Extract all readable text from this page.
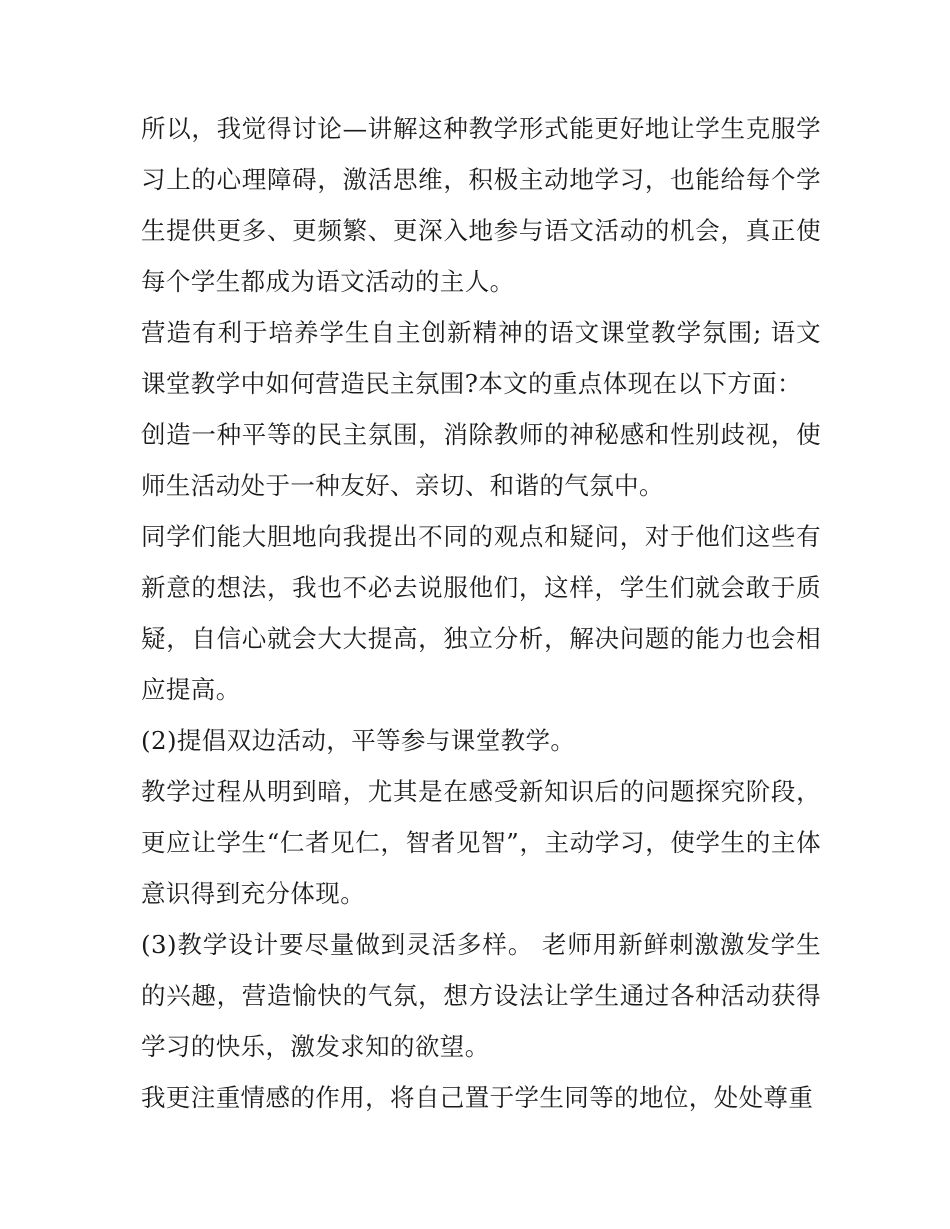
所以，我觉得讨论—讲解这种教学形式能更好地让学生克服学习上的心理障碍，激活思维，积极主动地学习，也能给每个学生提供更多、更频繁、更深入地参与语文活动的机会，真正使每个学生都成为语文活动的主人。

营造有利于培养学生自主创新精神的语文课堂教学氛围; 语文课堂教学中如何营造民主氛围?本文的重点体现在以下方面：

创造一种平等的民主氛围，消除教师的神秘感和性别歧视，使师生活动处于一种友好、亲切、和谐的气氛中。

同学们能大胆地向我提出不同的观点和疑问，对于他们这些有新意的想法，我也不必去说服他们，这样，学生们就会敢于质疑，自信心就会大大提高，独立分析，解决问题的能力也会相应提高。

(2)提倡双边活动，平等参与课堂教学。

教学过程从明到暗，尤其是在感受新知识后的问题探究阶段，更应让学生“仁者见仁，智者见智”，主动学习，使学生的主体意识得到充分体现。

(3)教学设计要尽量做到灵活多样。 老师用新鲜刺激激发学生的兴趣，营造愉快的气氛，想方设法让学生通过各种活动获得学习的快乐，激发求知的欲望。

我更注重情感的作用，将自己置于学生同等的地位，处处尊重
